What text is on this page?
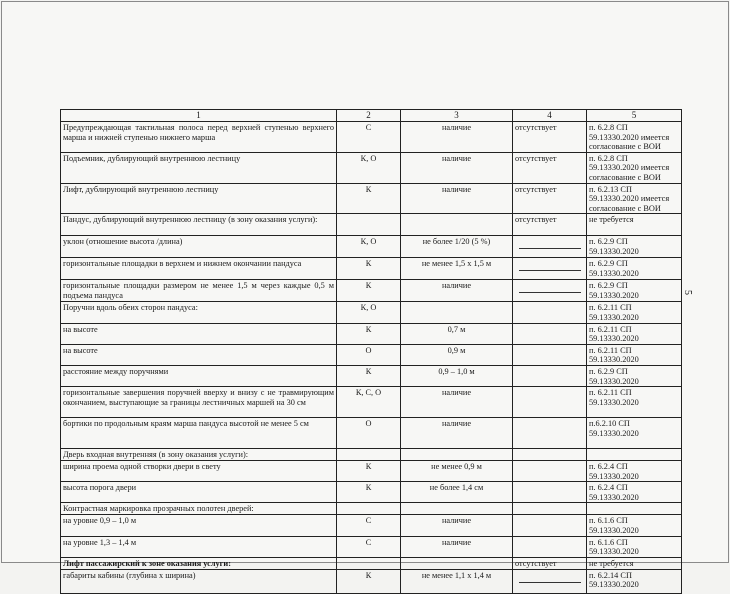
1	2	3	4	5
Предупреждающая тактильная полоса перед верхней ступенью верхнего марша и нижней ступенью нижнего марша	С	наличие	отсутствует	п. 6.2.8 СП 59.13330.2020 имеется согласование с ВОИ
Подъемник, дублирующий внутреннюю лестницу	К, О	наличие	отсутствует	п. 6.2.8 СП 59.13330.2020 имеется согласование с ВОИ
Лифт, дублирующий внутреннюю лестницу	К	наличие	отсутствует	п. 6.2.13 СП 59.13330.2020 имеется согласование с ВОИ
Пандус, дублирующий внутреннюю лестницу (в зону оказания услуги):			отсутствует	не требуется
уклон (отношение высота /длина)	К, О	не более 1/20 (5 %)		п. 6.2.9 СП 59.13330.2020
горизонтальные площадки в верхнем и нижнем окончании пандуса	К	не менее 1,5 х 1,5 м		п. 6.2.9 СП 59.13330.2020
горизонтальные площадки размером не менее 1,5 м через каждые 0,5 м подъема пандуса	К	наличие		п. 6.2.9 СП 59.13330.2020
Поручни вдоль обеих сторон пандуса:	К, О			п. 6.2.11 СП 59.13330.2020
на высоте	К	0,7 м		п. 6.2.11 СП 59.13330.2020
на высоте	О	0,9 м		п. 6.2.11 СП 59.13330.2020
расстояние между поручнями	К	0,9 – 1,0 м		п. 6.2.9 СП 59.13330.2020
горизонтальные завершения поручней вверху и внизу с не травмирующим окончанием, выступающие за границы лестничных маршей на 30 см	К, С, О	наличие		п. 6.2.11 СП 59.13330.2020
бортики по продольным краям марша пандуса высотой не менее 5 см	О	наличие		п.6.2.10 СП 59.13330.2020
Дверь входная внутренняя (в зону оказания услуги):				
ширина проема одной створки двери в свету	К	не менее 0,9 м		п. 6.2.4 СП 59.13330.2020
высота порога двери	К	не более 1,4 см		п. 6.2.4 СП 59.13330.2020
Контрастная маркировка прозрачных полотен дверей:				
на уровне 0,9 – 1,0 м	С	наличие		п. 6.1.6 СП 59.13330.2020
на уровне 1,3 – 1,4 м	С	наличие		п. 6.1.6 СП 59.13330.2020
Лифт пассажирский к зоне оказания услуги:			отсутствует	не требуется
габариты кабины (глубина х ширина)	К	не менее 1,1 х 1,4 м		п. 6.2.14 СП 59.13330.2020
5
